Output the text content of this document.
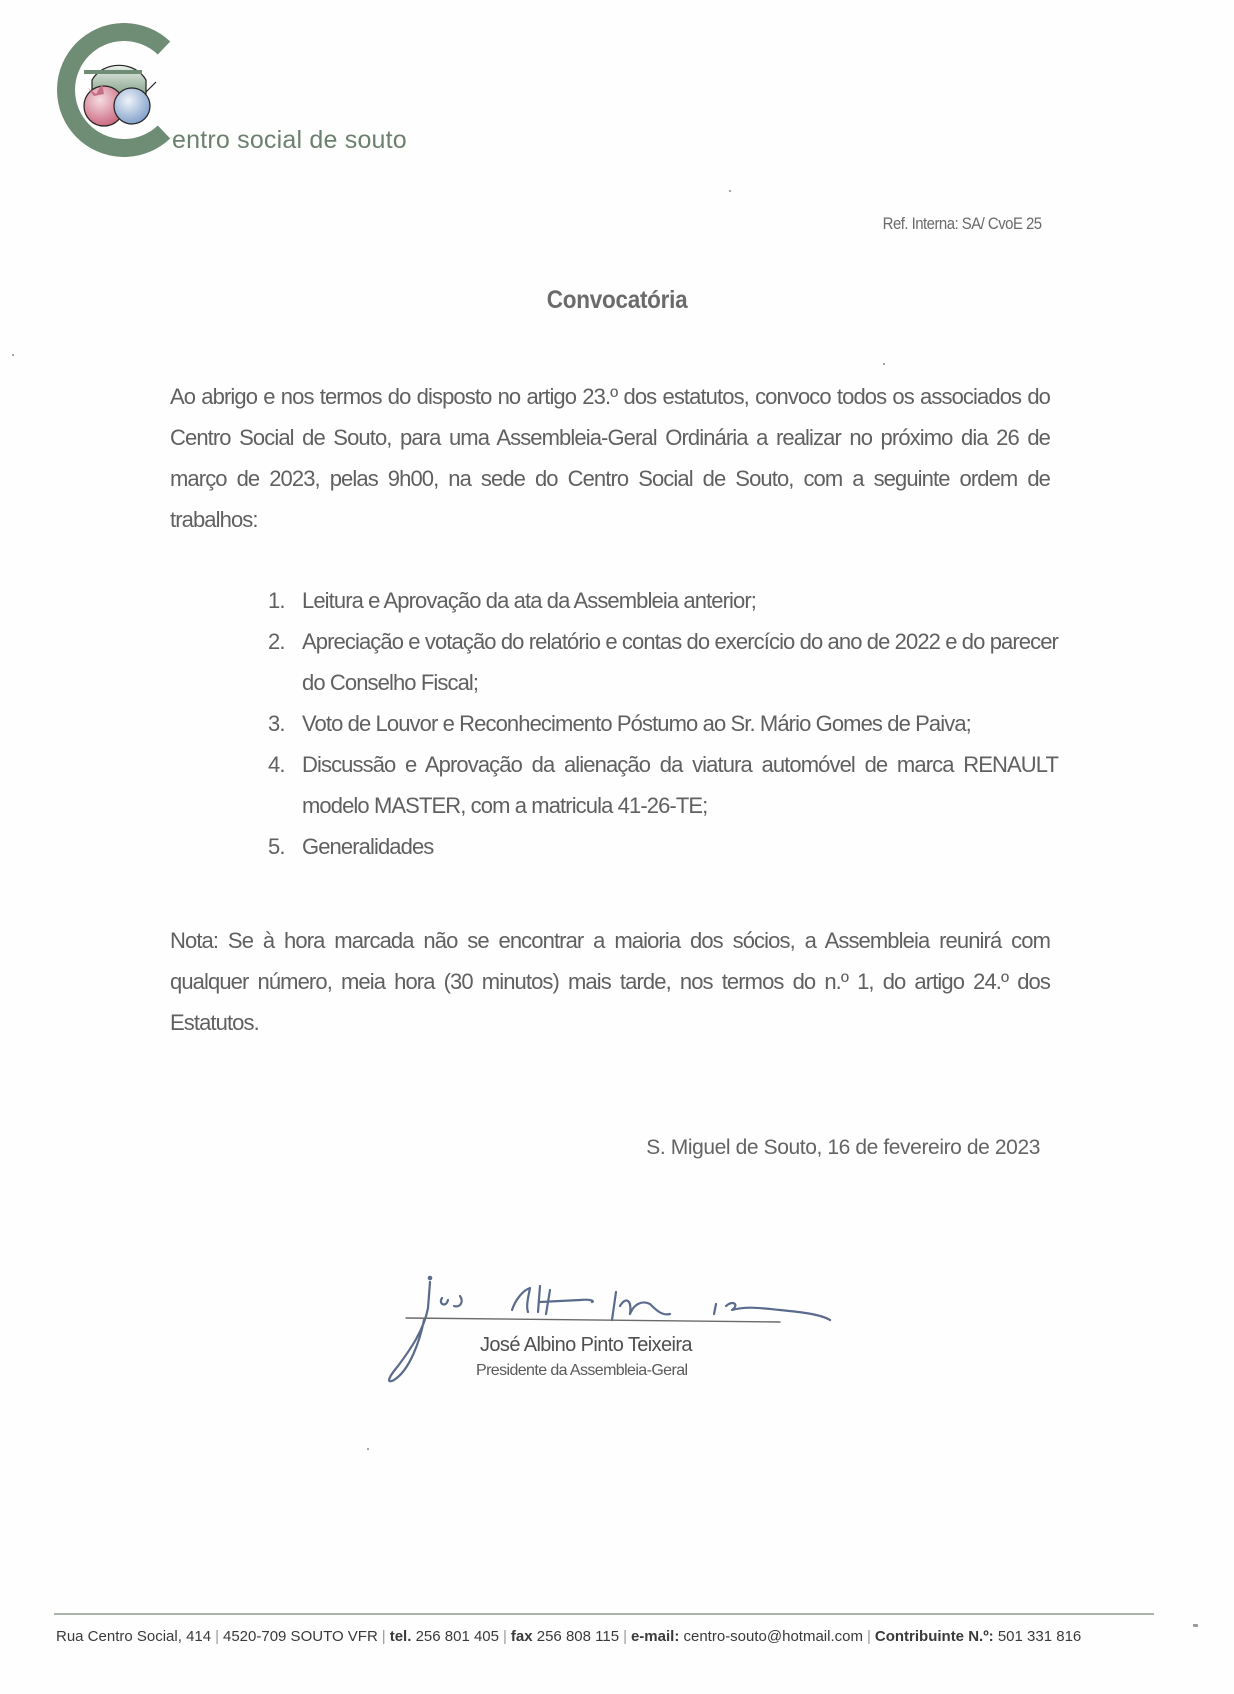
entro social de souto
Ref. Interna: SA/ CvoE 25
Convocatória

Ao abrigo e nos termos do disposto no artigo 23.º dos estatutos, convoco todos os associados do Centro Social de Souto, para uma Assembleia-Geral Ordinária a realizar no próximo dia 26 de março de 2023, pelas 9h00, na sede do Centro Social de Souto, com a seguinte ordem de trabalhos:

1. Leitura e Aprovação da ata da Assembleia anterior;
2. Apreciação e votação do relatório e contas do exercício do ano de 2022 e do parecer do Conselho Fiscal;
3. Voto de Louvor e Reconhecimento Póstumo ao Sr. Mário Gomes de Paiva;
4. Discussão e Aprovação da alienação da viatura automóvel de marca RENAULT modelo MASTER, com a matricula 41-26-TE;
5. Generalidades

Nota: Se à hora marcada não se encontrar a maioria dos sócios, a Assembleia reunirá com qualquer número, meia hora (30 minutos) mais tarde, nos termos do n.º 1, do artigo 24.º dos Estatutos.

S. Miguel de Souto, 16 de fevereiro de 2023
José Albino Pinto Teixeira
Presidente da Assembleia-Geral
Rua Centro Social, 414 | 4520-709 SOUTO VFR | tel. 256 801 405 | fax 256 808 115 | e-mail: centro-souto@hotmail.com | Contribuinte N.º: 501 331 816
